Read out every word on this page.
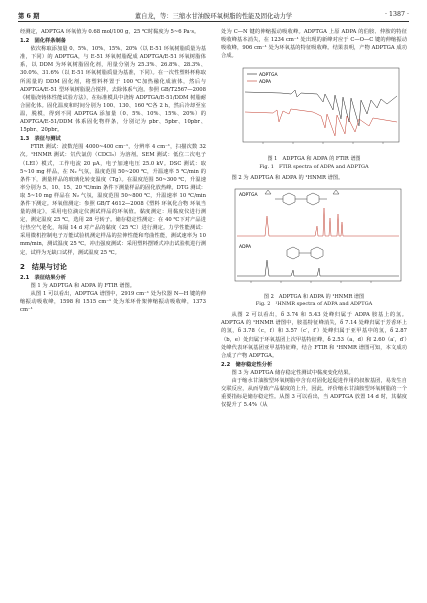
第 6 期	董自龙，等：三缩水甘油胺环氧树脂的性能及固化动力学	· 1387 ·

经测定，ADPTGA 环氧值为 0.68 mol/100 g，25 ℃时黏度为 5~6 Pa·s。

1.2　固化样条制备

依次称取添加量 0、5%、10%、15%、20%（以 E-51 环氧树脂质量为基准，下同）的 ADPTGA，与 E-51 环氧树脂配成 ADPTGA/E-51 环氧树脂体系，以 DDM 为环氧树脂固化剂，用量分别为 25.3%、26.8%、28.3%、30.0%、31.6%（以 E-51 环氧树脂质量为基准，下同）。在一次性塑料杯称取所需量的 DDM 固化剂，将塑料杯置于 100 ℃加热融化成液体，然后与 ADPTGA/E-51 型环氧树脂混合搅拌，去除体系气泡。参照 GB/T2567—2008《树脂浇铸体性能试验方法》，在标准模具中浇铸 ADPTGA/E-51/DDM 树脂耐合固化体。固化温度和时间分别为 100、130、160 ℃各 2 h，然后冷却至室温，脱模，得到不同 ADPTGA 添加量（0、5%、10%、15%、20%）的 ADPTGA/E-51/DDM 体系固化物样条，分别记为 pbr、5pbr、10pbr、15pbr、20pbr。

1.3　表征与测试

FTIR 测试：波数范围 4000~400 cm⁻¹，分辨率 4 cm⁻¹，扫描次数 32 次。¹HNMR 测试：氘代氯仿（CDCl₃）为溶剂。SEM 测试：低位二次电子（LEI）模式，工作电流 20 μA，电子加速电压 25.0 kV。DSC 测试：取 5~10 mg 样品，在 N₂ 气氛，温度范围 50~200 ℃，升温速率 5 ℃/min 的条件下，测量样品的玻璃化转变温度（Tg）。在温度范围 50~300 ℃，升温速率分别为 5、10、15、20 ℃/min 条件下测量样品的固化放热峰。DTG 测试：取 5~10 mg 样品在 N₂ 气氛，温度范围 50~800 ℃，升温速率 10 ℃/min 条件下测定。环氧值测定：参照 GB/T 4612—2008《塑料 环氧化合物 环氧当量的测定》，采用电位滴定仪测试样品的环氧值。黏度测定：用黏度仪进行测定，测定温度 25 ℃，选用 28 号转子。储存稳定性测定：在 40 ℃下对产品进行热空气老化，每隔 14 d 对产品的黏度（25 ℃）进行测定。力学性能测试：采用微机控制电子万能试验机测定样品的拉伸性能和弯曲性能，测试速率为 10 mm/min，测试温度 25 ℃。冲击强度测试：采用塑料摆锤式冲击试验机进行测定，试样为无缺口试样，测试温度 25 ℃。

2　结果与讨论

2.1　表征结果分析

图 1 为 ADPTGA 和 ADPA 的 FTIR 谱图。

从图 1 可以看出，ADPTGA 谱图中，2919 cm⁻¹ 处为仪器 N—H 键的伸缩振动吸收峰，1598 和 1515 cm⁻¹ 处为苯环骨架伸缩振动吸收峰，1373 cm⁻¹

处为 C—N 键的伸缩振动吸收峰。ADPTGA 上原 ADPA 的伯胺、仲胺的特征吸收峰基本消失，在 1234 cm⁻¹ 处出现的新峰对应于 C—O—C 键的伸缩振动吸收峰，906 cm⁻¹ 处为环氧基的特征吸收峰。结果表明，产物 ADPTGA 成功合成。

ADPTGA
ADPA

图 1　ADPTGA 和 ADPA 的 FTIR 谱图

Fig. 1　FTIR spectra of ADPA and ADPTGA

图 2 为 ADPTGA 和 ADPA 的 ¹HNMR 谱图。

ADPTGA
ADPA

图 2　ADPTGA 和 ADPA 的 ¹HNMR 谱图

Fig. 2　¹HNMR spectra of ADPA and ADPTGA

从图 2 可以看出，δ 3.74 和 5.43 处峰归属于 ADPA 胺基上的氢。ADPTGA 的 ¹HNMR 谱图中，胺基特征峰消失，δ 7.14 处峰归属于芳香环上的氢，δ 3.78（c，f）和 3.57（c′，f′）处峰归属于亚甲基中的氢，δ 2.87（b，e）处归属于环氧基团上次甲基特征峰，δ 2.53（a，d）和 2.60（a′，d′）处峰代表环氧基团亚甲基特征峰，结合 FTIR 和 ¹HNMR 谱图可知，本文成功合成了产物 ADPTGA。

2.2　储存稳定性分析

图 3 为 ADPTGA 储存稳定性测试中黏度变化结果。

由于缩水甘油胺型环氧树脂中含有对固化起促进作用的叔胺基团，易发生自交联反应，从而导致产品黏度的上升，因此，评价缩水甘油胺型环氧树脂的一个重要指标是储存稳定性。从图 3 可以看出，当 ADPTGA 放置 14 d 时，其黏度仅提升了 5.4%（从
